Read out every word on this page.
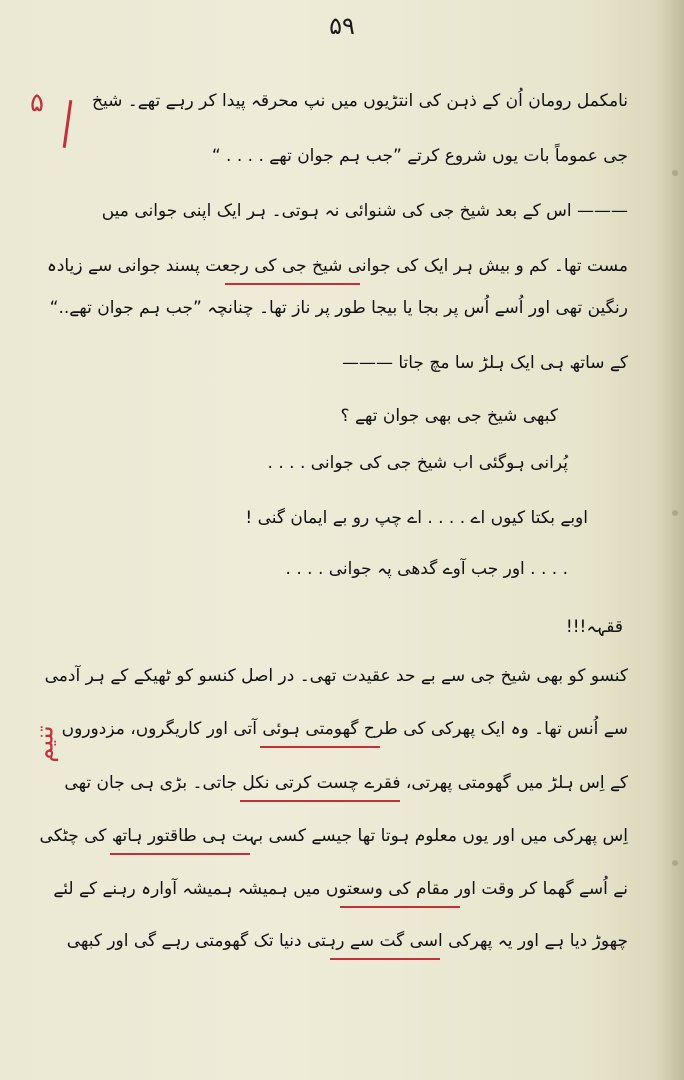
۵۹
۵
تنیم
نامکمل رومان اُن کے ذہن کی انتڑیوں میں نپ محرقہ پیدا کر رہے تھے۔ شیخ
جی عموماً بات یوں شروع کرتے ”جب ہم جوان تھے . . . . “
——— اس کے بعد شیخ جی کی شنوائی نہ ہوتی۔ ہر ایک اپنی جوانی میں
مست تھا۔ کم و بیش ہر ایک کی جوانی شیخ جی کی رجعت پسند جوانی سے زیادہ
رنگین تھی اور اُسے اُس پر بجا یا بیجا طور پر ناز تھا۔ چنانچہ ”جب ہم جوان تھے..“
کے ساتھ ہی ایک ہلڑ سا مچ جاتا ———
کبھی شیخ جی بھی جوان تھے ؟
پُرانی ہوگئی اب شیخ جی کی جوانی . . . .
اوبے بکتا کیوں اے . . . . اے چپ رو بے ایمان گنی !
. . . . اور جب آوے گدھی پہ جوانی . . . .
ققہہ!!!
کنسو کو بھی شیخ جی سے بے حد عقیدت تھی۔ در اصل کنسو کو ٹھیکے کے ہر آدمی
سے اُنس تھا۔ وہ ایک پھرکی کی طرح گھومتی ہوئی آتی اور کاریگروں، مزدوروں
کے اِس ہلڑ میں گھومتی پھرتی، فقرے چست کرتی نکل جاتی۔ بڑی ہی جان تھی
اِس پھرکی میں اور یوں معلوم ہوتا تھا جیسے کسی بہت ہی طاقتور ہاتھ کی چٹکی
نے اُسے گھما کر وقت اور مقام کی وسعتوں میں ہمیشہ ہمیشہ آوارہ رہنے کے لئے
چھوڑ دیا ہے اور یہ پھرکی اسی گت سے رہتی دنیا تک گھومتی رہے گی اور کبھی
